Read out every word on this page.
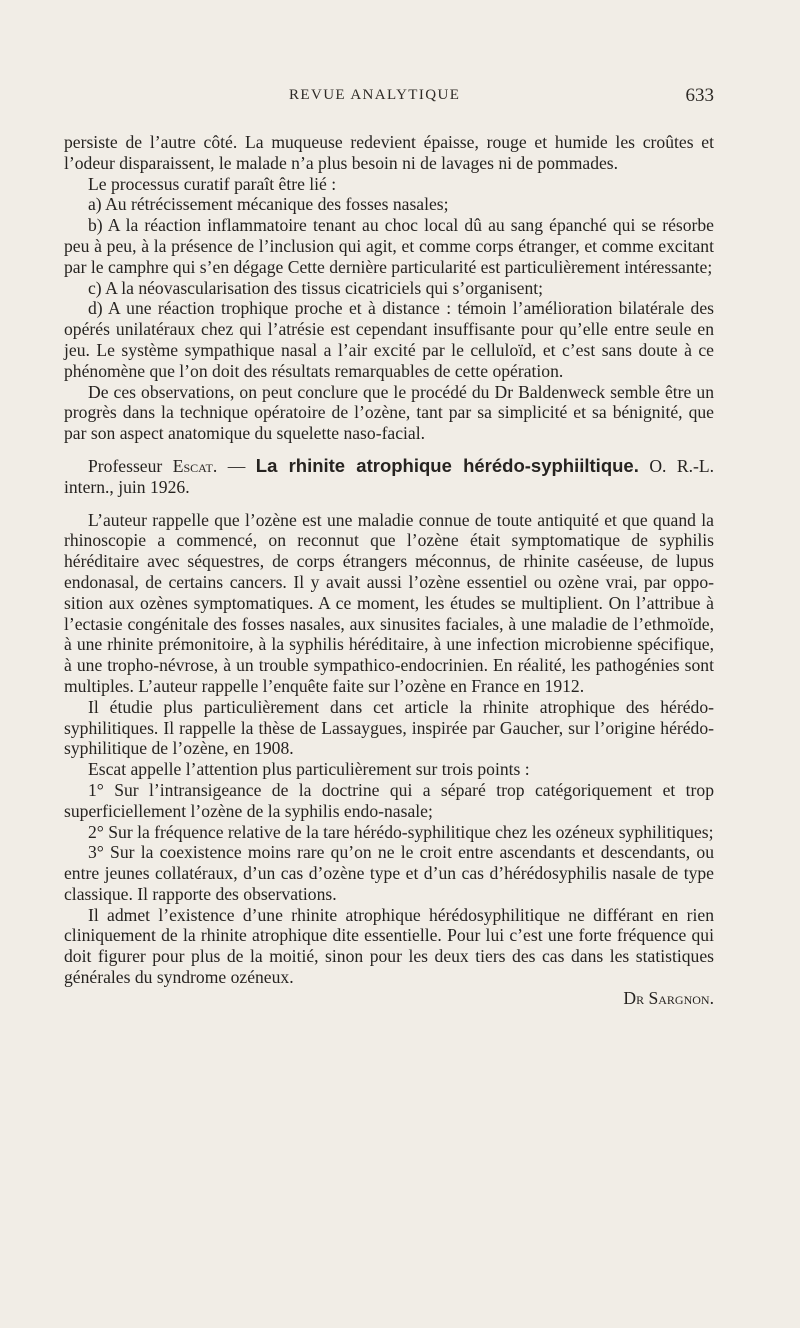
REVUE ANALYTIQUE	633

persiste de l’autre côté. La muqueuse redevient épaisse, rouge et humide les croûtes et l’odeur disparaissent, le malade n’a plus besoin ni de lavages ni de pommades.

Le processus curatif paraît être lié :

a) Au rétrécissement mécanique des fosses nasales;

b) A la réaction inflammatoire tenant au choc local dû au sang épanché qui se résorbe peu à peu, à la présence de l’inclusion qui agit, et comme corps étranger, et comme excitant par le camphre qui s’en dégage Cette dernière particularité est particulièrement intéressante;

c) A la néovascularisation des tissus cicatriciels qui s’organisent;

d) A une réaction trophique proche et à distance : témoin l’amélioration bilatérale des opérés unilatéraux chez qui l’atrésie est cependant insuffisante pour qu’elle entre seule en jeu. Le système sympathique nasal a l’air excité par le celluloïd, et c’est sans doute à ce phénomène que l’on doit des résultats remarquables de cette opération.

De ces observations, on peut conclure que le procédé du Dr Baldenweck semble être un progrès dans la technique opératoire de l’ozène, tant par sa simplicité et sa bénignité, que par son aspect anatomique du squelette naso-facial.

Professeur Escat. — La rhinite atrophique hérédo-syphiiltique. O. R.-L. intern., juin 1926.

L’auteur rappelle que l’ozène est une maladie connue de toute antiquité et que quand la rhinoscopie a commencé, on reconnut que l’ozène était symptomatique de syphilis héréditaire avec séquestres, de corps étrangers méconnus, de rhinite caséeuse, de lupus endonasal, de certains cancers. Il y avait aussi l’ozène essentiel ou ozène vrai, par opposition aux ozènes symptomatiques. A ce moment, les études se multiplient. On l’attribue à l’ectasie congénitale des fosses nasales, aux sinusites faciales, à une maladie de l’ethmoïde, à une rhinite prémonitoire, à la syphilis héréditaire, à une infection microbienne spécifique, à une tropho-névrose, à un trouble sympathico-endocrinien. En réalité, les pathogénies sont multiples. L’auteur rappelle l’enquête faite sur l’ozène en France en 1912.

Il étudie plus particulièrement dans cet article la rhinite atrophique des hérédo-syphilitiques. Il rappelle la thèse de Lassaygues, inspirée par Gaucher, sur l’origine hérédo-syphilitique de l’ozène, en 1908.

Escat appelle l’attention plus particulièrement sur trois points :

1° Sur l’intransigeance de la doctrine qui a séparé trop catégoriquement et trop superficiellement l’ozène de la syphilis endo-nasale;

2° Sur la fréquence relative de la tare hérédo-syphilitique chez les ozéneux syphilitiques;

3° Sur la coexistence moins rare qu’on ne le croit entre ascendants et descendants, ou entre jeunes collatéraux, d’un cas d’ozène type et d’un cas d’hérédosyphilis nasale de type classique. Il rapporte des observations.

Il admet l’existence d’une rhinite atrophique hérédosyphilitique ne différant en rien cliniquement de la rhinite atrophique dite essentielle. Pour lui c’est une forte fréquence qui doit figurer pour plus de la moitié, sinon pour les deux tiers des cas dans les statistiques générales du syndrome ozéneux.

Dr Sargnon.
